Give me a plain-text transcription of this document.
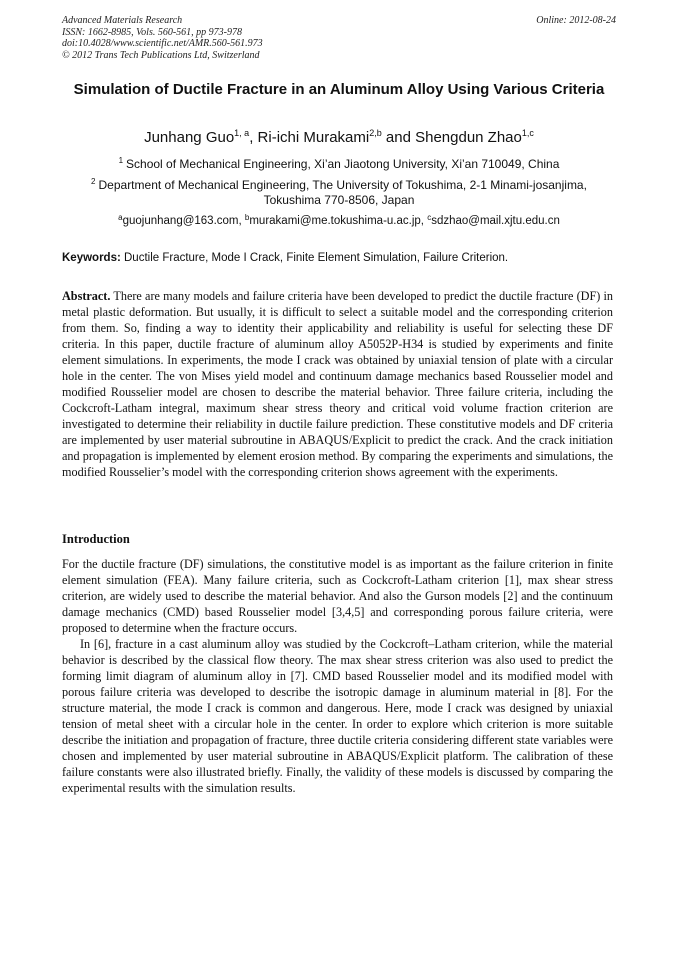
Advanced Materials Research
ISSN: 1662-8985, Vols. 560-561, pp 973-978
doi:10.4028/www.scientific.net/AMR.560-561.973
© 2012 Trans Tech Publications Ltd, Switzerland
Online: 2012-08-24
Simulation of Ductile Fracture in an Aluminum Alloy Using Various Criteria
Junhang Guo$^{1, a}$, Ri-ichi Murakami$^{2,b}$ and Shengdun Zhao$^{1,c}$
$^1$ School of Mechanical Engineering, Xi’an Jiaotong University, Xi’an 710049, China
$^2$ Department of Mechanical Engineering, The University of Tokushima, 2-1 Minami-josanjima, Tokushima 770-8506, Japan
$^a$guojunhang@163.com, $^b$murakami@me.tokushima-u.ac.jp, $^c$sdzhao@mail.xjtu.edu.cn
Keywords: Ductile Fracture, Mode I Crack, Finite Element Simulation, Failure Criterion.
Abstract. There are many models and failure criteria have been developed to predict the ductile fracture (DF) in metal plastic deformation. But usually, it is difficult to select a suitable model and the corresponding criterion from them. So, finding a way to identity their applicability and reliability is useful for selecting these DF criteria. In this paper, ductile fracture of aluminum alloy A5052P-H34 is studied by experiments and finite element simulations. In experiments, the mode I crack was obtained by uniaxial tension of plate with a circular hole in the center. The von Mises yield model and continuum damage mechanics based Rousselier model and modified Rousselier model are chosen to describe the material behavior. Three failure criteria, including the Cockcroft-Latham integral, maximum shear stress theory and critical void volume fraction criterion are investigated to determine their reliability in ductile failure prediction. These constitutive models and DF criteria are implemented by user material subroutine in ABAQUS/Explicit to predict the crack. And the crack initiation and propagation is implemented by element erosion method. By comparing the experiments and simulations, the modified Rousselier’s model with the corresponding criterion shows agreement with the experiments.
Introduction
For the ductile fracture (DF) simulations, the constitutive model is as important as the failure criterion in finite element simulation (FEA). Many failure criteria, such as Cockcroft-Latham criterion [1], max shear stress criterion, are widely used to describe the material behavior. And also the Gurson models [2] and the continuum damage mechanics (CMD) based Rousselier model [3,4,5] and corresponding porous failure criteria, were proposed to determine when the fracture occurs.
In [6], fracture in a cast aluminum alloy was studied by the Cockcroft–Latham criterion, while the material behavior is described by the classical flow theory. The max shear stress criterion was also used to predict the forming limit diagram of aluminum alloy in [7]. CMD based Rousselier model and its modified model with porous failure criteria was developed to describe the isotropic damage in aluminum material in [8]. For the structure material, the mode I crack is common and dangerous. Here, mode I crack was designed by uniaxial tension of metal sheet with a circular hole in the center. In order to explore which criterion is more suitable describe the initiation and propagation of fracture, three ductile criteria considering different state variables were chosen and implemented by user material subroutine in ABAQUS/Explicit platform. The calibration of these failure constants were also illustrated briefly. Finally, the validity of these models is discussed by comparing the experimental results with the simulation results.
